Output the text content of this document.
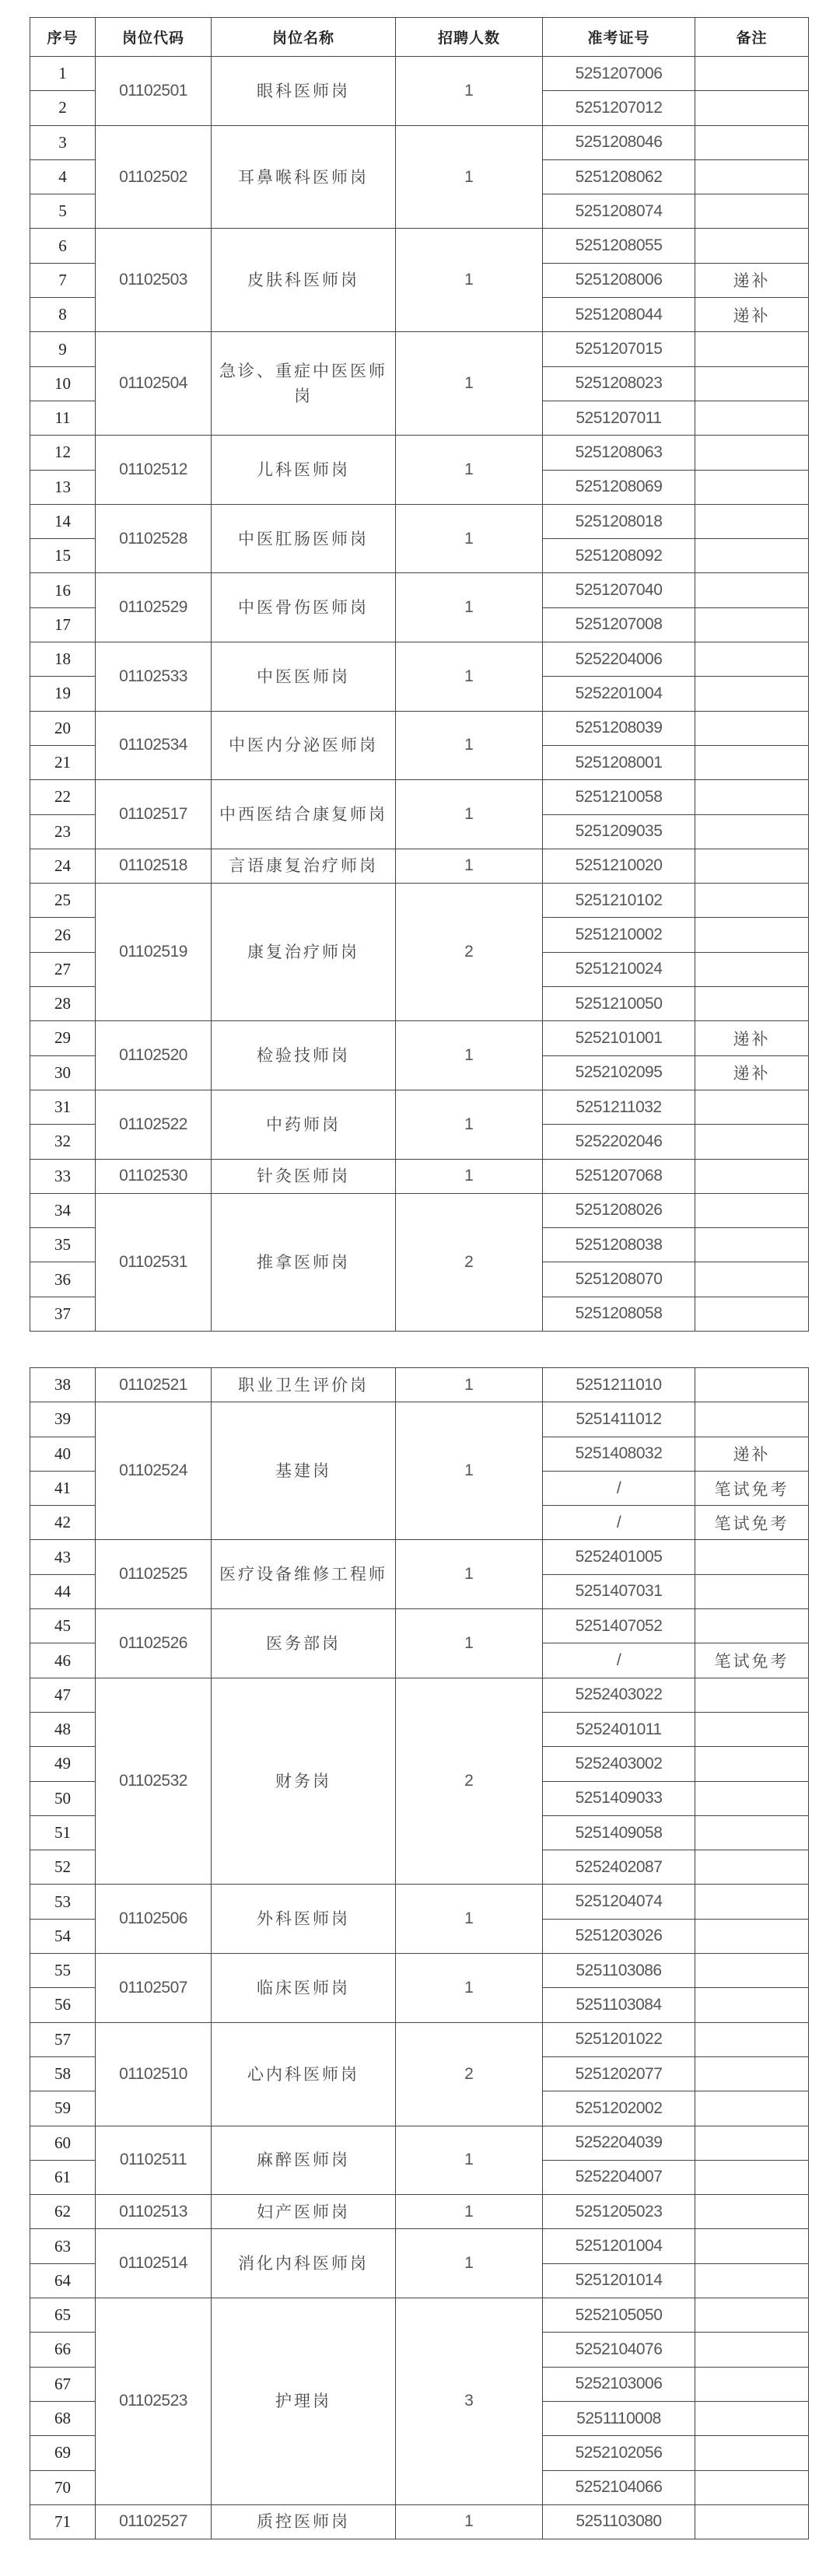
序号	岗位代码	岗位名称	招聘人数	准考证号	备注
1	01102501	眼科医师岗	1	5251207006	
2				5251207012	
3	01102502	耳鼻喉科医师岗	1	5251208046	
4				5251208062	
5				5251208074	
6	01102503	皮肤科医师岗	1	5251208055	
7				5251208006	递补
8				5251208044	递补
9	01102504	急诊、重症中医医师岗	1	5251207015	
10				5251208023	
11				5251207011	
12	01102512	儿科医师岗	1	5251208063	
13				5251208069	
14	01102528	中医肛肠医师岗	1	5251208018	
15				5251208092	
16	01102529	中医骨伤医师岗	1	5251207040	
17				5251207008	
18	01102533	中医医师岗	1	5252204006	
19				5252201004	
20	01102534	中医内分泌医师岗	1	5251208039	
21				5251208001	
22	01102517	中西医结合康复师岗	1	5251210058	
23				5251209035	
24	01102518	言语康复治疗师岗	1	5251210020	
25	01102519	康复治疗师岗	2	5251210102	
26				5251210002	
27				5251210024	
28				5251210050	
29	01102520	检验技师岗	1	5252101001	递补
30				5252102095	递补
31	01102522	中药师岗	1	5251211032	
32				5252202046	
33	01102530	针灸医师岗	1	5251207068	
34	01102531	推拿医师岗	2	5251208026	
35				5251208038	
36				5251208070	
37				5251208058	
38	01102521	职业卫生评价岗	1	5251211010	
39	01102524	基建岗	1	5251411012	
40				5251408032	递补
41				/	笔试免考
42				/	笔试免考
43	01102525	医疗设备维修工程师	1	5252401005	
44				5251407031	
45	01102526	医务部岗	1	5251407052	
46				/	笔试免考
47	01102532	财务岗	2	5252403022	
48				5252401011	
49				5252403002	
50				5251409033	
51				5251409058	
52				5252402087	
53	01102506	外科医师岗	1	5251204074	
54				5251203026	
55	01102507	临床医师岗	1	5251103086	
56				5251103084	
57	01102510	心内科医师岗	2	5251201022	
58				5251202077	
59				5251202002	
60	01102511	麻醉医师岗	1	5252204039	
61				5252204007	
62	01102513	妇产医师岗	1	5251205023	
63	01102514	消化内科医师岗	1	5251201004	
64				5251201014	
65	01102523	护理岗	3	5252105050	
66				5252104076	
67				5252103006	
68				5251110008	
69				5252102056	
70				5252104066	
71	01102527	质控医师岗	1	5251103080	
